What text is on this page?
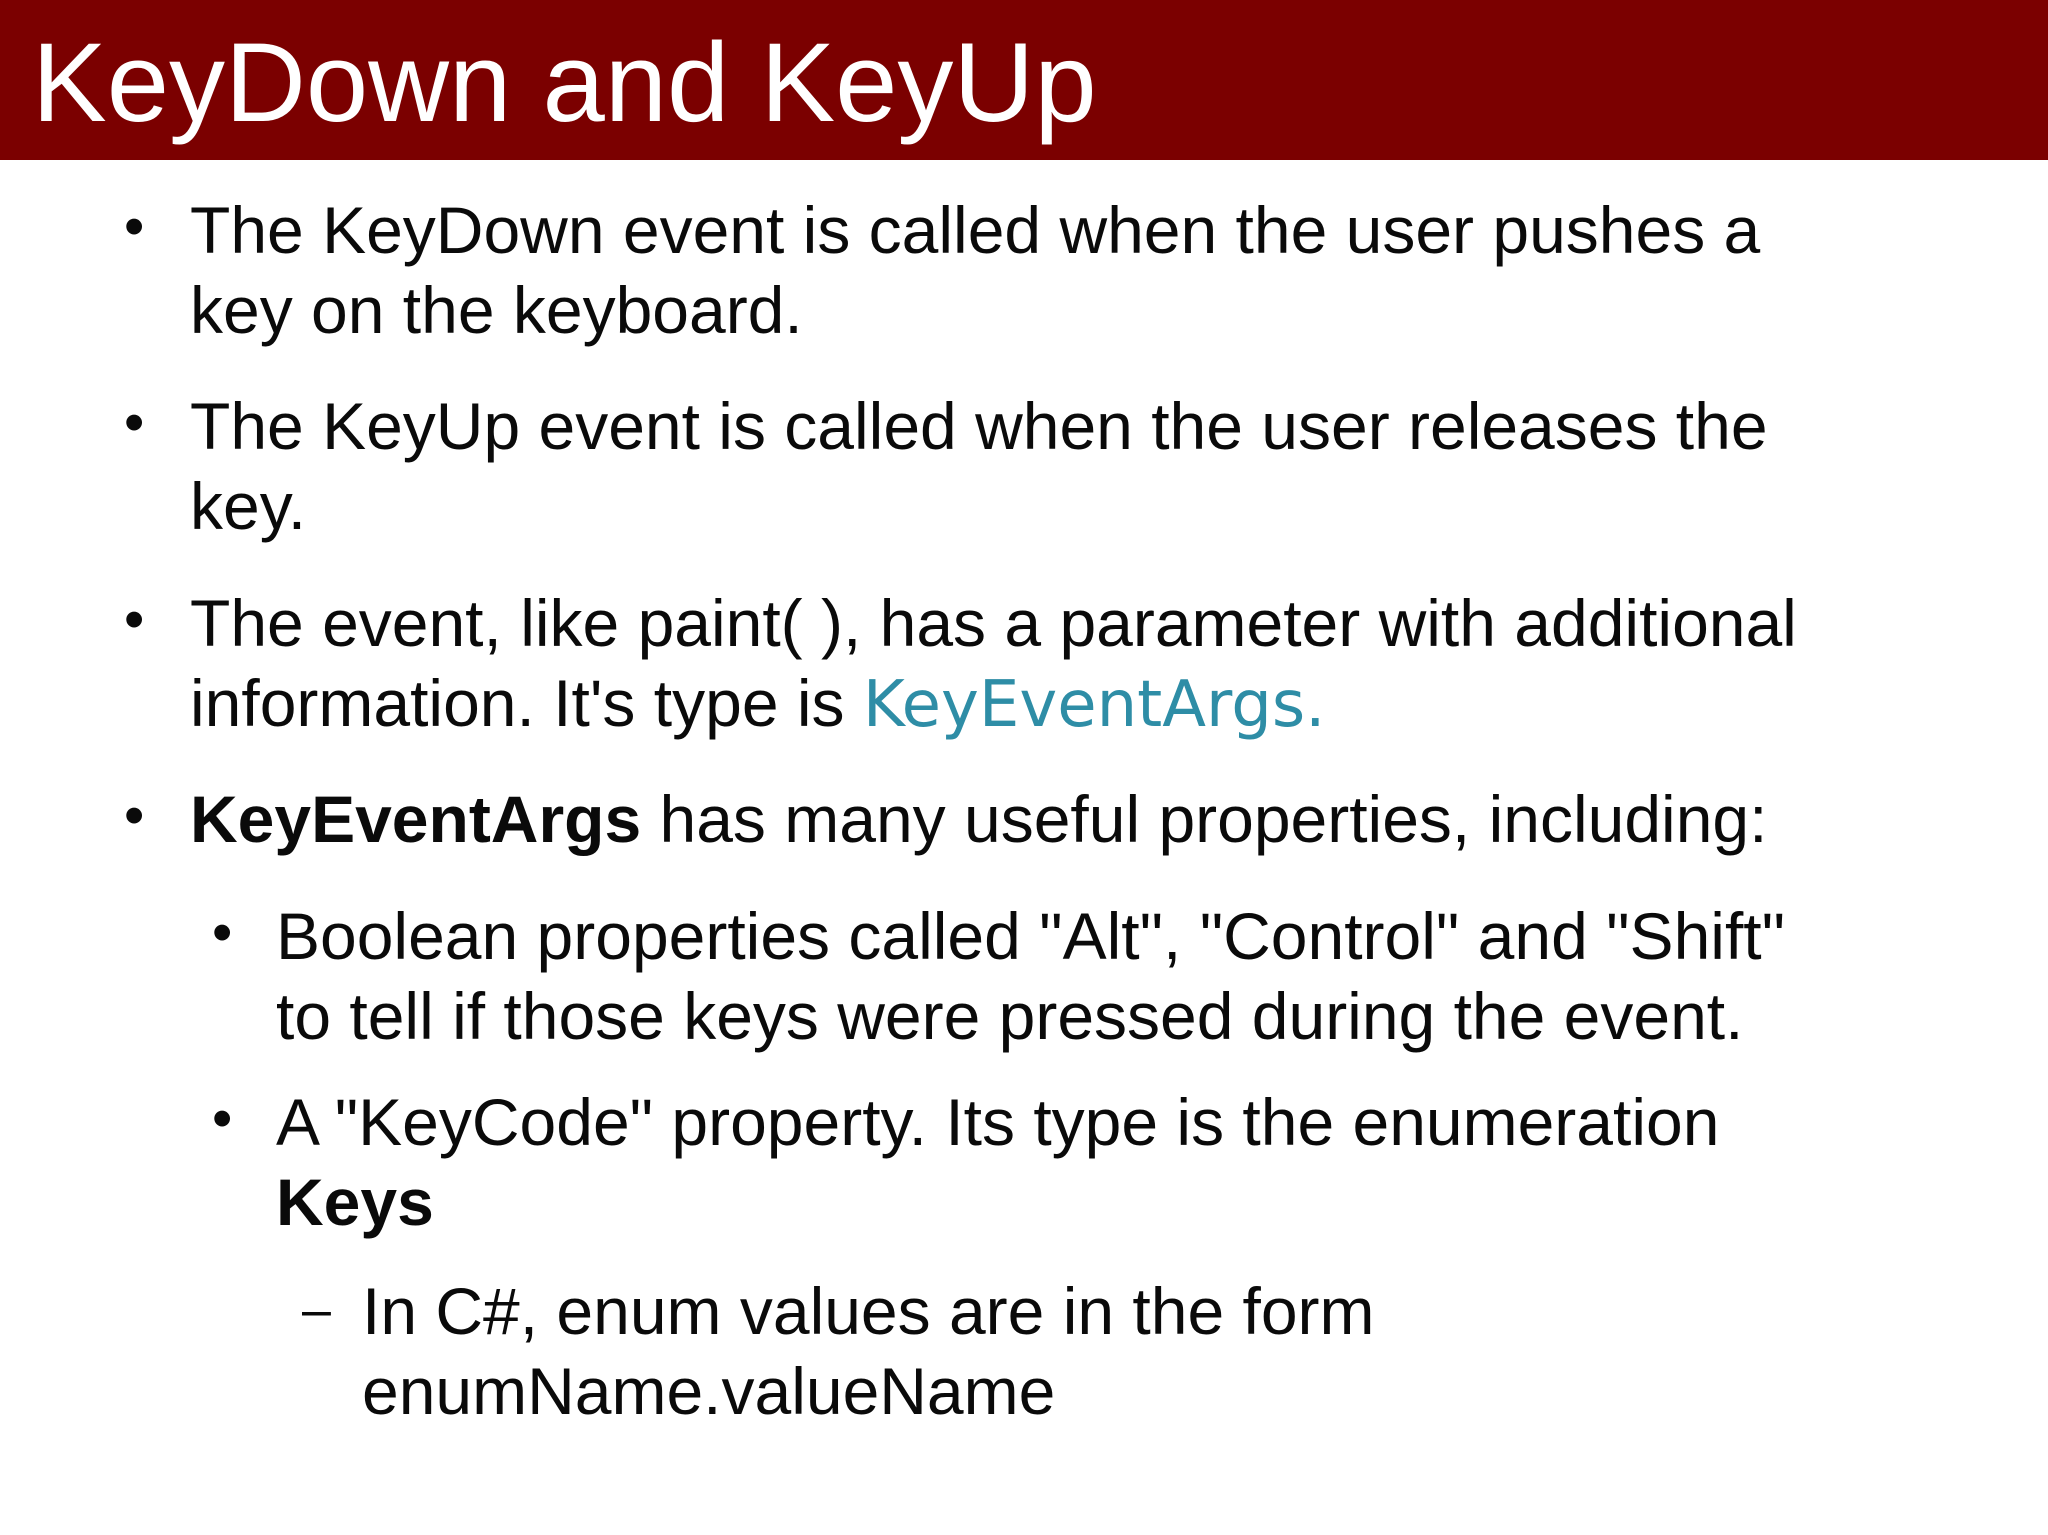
KeyDown and KeyUp
• The KeyDown event is called when the user pushes a
key on the keyboard.
• The KeyUp event is called when the user releases the
key.
• The event, like paint( ), has a parameter with additional
information. It's type is KeyEventArgs.
• KeyEventArgs has many useful properties, including:
• Boolean properties called "Alt", "Control" and "Shift"
to tell if those keys were pressed during the event.
• A "KeyCode" property. Its type is the enumeration
Keys
– In C#, enum values are in the form
enumName.valueName
